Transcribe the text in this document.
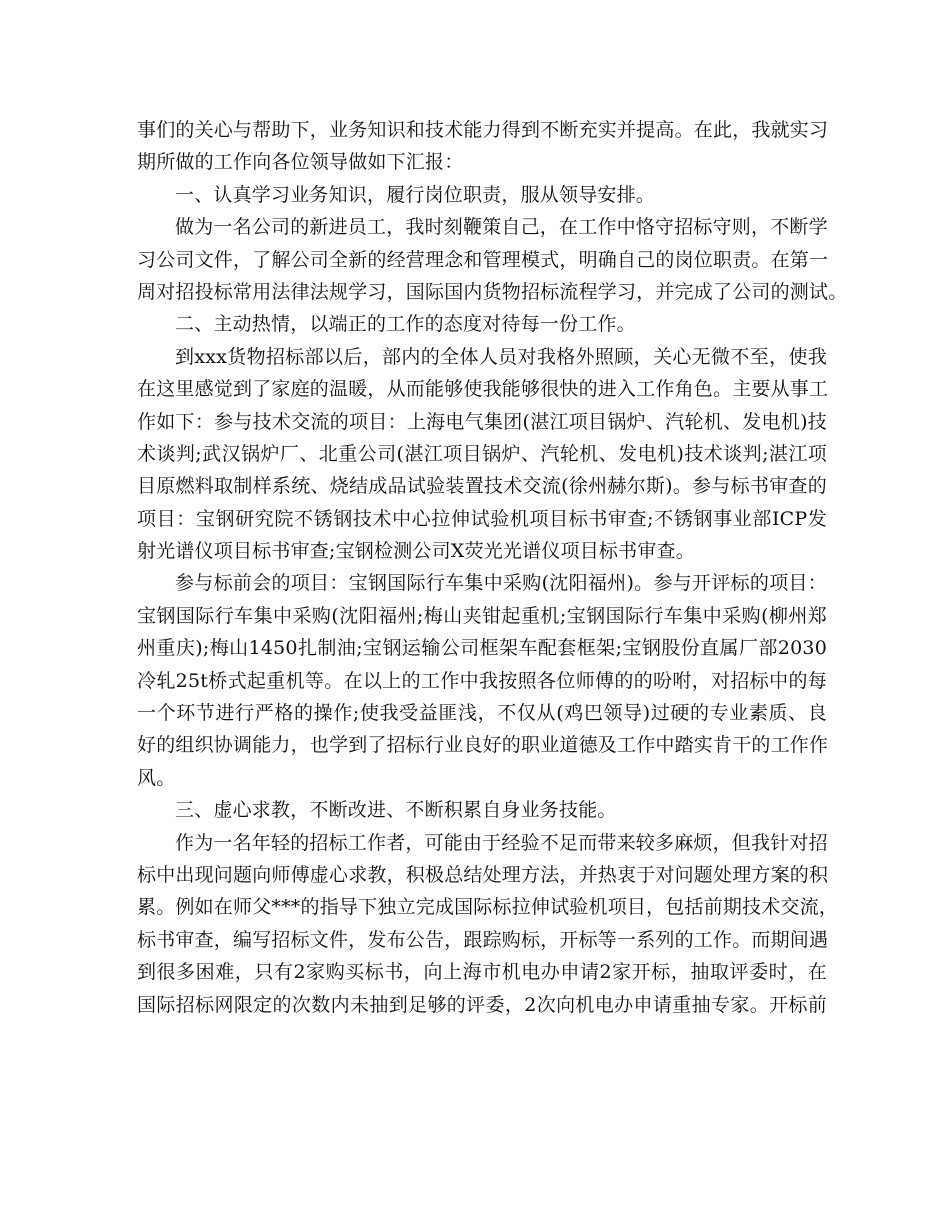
事们的关心与帮助下，业务知识和技术能力得到不断充实并提高。在此，我就实习
期所做的工作向各位领导做如下汇报：
一、认真学习业务知识，履行岗位职责，服从领导安排。
做为一名公司的新进员工，我时刻鞭策自己，在工作中恪守招标守则，不断学
习公司文件，了解公司全新的经营理念和管理模式，明确自己的岗位职责。在第一
周对招投标常用法律法规学习，国际国内货物招标流程学习，并完成了公司的测试。
二、主动热情，以端正的工作的态度对待每一份工作。
到xxx货物招标部以后，部内的全体人员对我格外照顾，关心无微不至，使我
在这里感觉到了家庭的温暖，从而能够使我能够很快的进入工作角色。主要从事工
作如下：参与技术交流的项目：上海电气集团(湛江项目锅炉、汽轮机、发电机)技
术谈判;武汉锅炉厂、北重公司(湛江项目锅炉、汽轮机、发电机)技术谈判;湛江项
目原燃料取制样系统、烧结成品试验装置技术交流(徐州赫尔斯)。参与标书审查的
项目：宝钢研究院不锈钢技术中心拉伸试验机项目标书审查;不锈钢事业部ICP发
射光谱仪项目标书审查;宝钢检测公司X荧光光谱仪项目标书审查。
参与标前会的项目：宝钢国际行车集中采购(沈阳福州)。参与开评标的项目：
宝钢国际行车集中采购(沈阳福州;梅山夹钳起重机;宝钢国际行车集中采购(柳州郑
州重庆);梅山1450扎制油;宝钢运输公司框架车配套框架;宝钢股份直属厂部2030
冷轧25t桥式起重机等。在以上的工作中我按照各位师傅的的吩咐，对招标中的每
一个环节进行严格的操作;使我受益匪浅，不仅从(鸡巴领导)过硬的专业素质、良
好的组织协调能力，也学到了招标行业良好的职业道德及工作中踏实肯干的工作作
风。
三、虚心求教，不断改进、不断积累自身业务技能。
作为一名年轻的招标工作者，可能由于经验不足而带来较多麻烦，但我针对招
标中出现问题向师傅虚心求教，积极总结处理方法，并热衷于对问题处理方案的积
累。例如在师父***的指导下独立完成国际标拉伸试验机项目，包括前期技术交流，
标书审查，编写招标文件，发布公告，跟踪购标，开标等一系列的工作。而期间遇
到很多困难，只有2家购买标书，向上海市机电办申请2家开标，抽取评委时，在
国际招标网限定的次数内未抽到足够的评委，2次向机电办申请重抽专家。开标前
